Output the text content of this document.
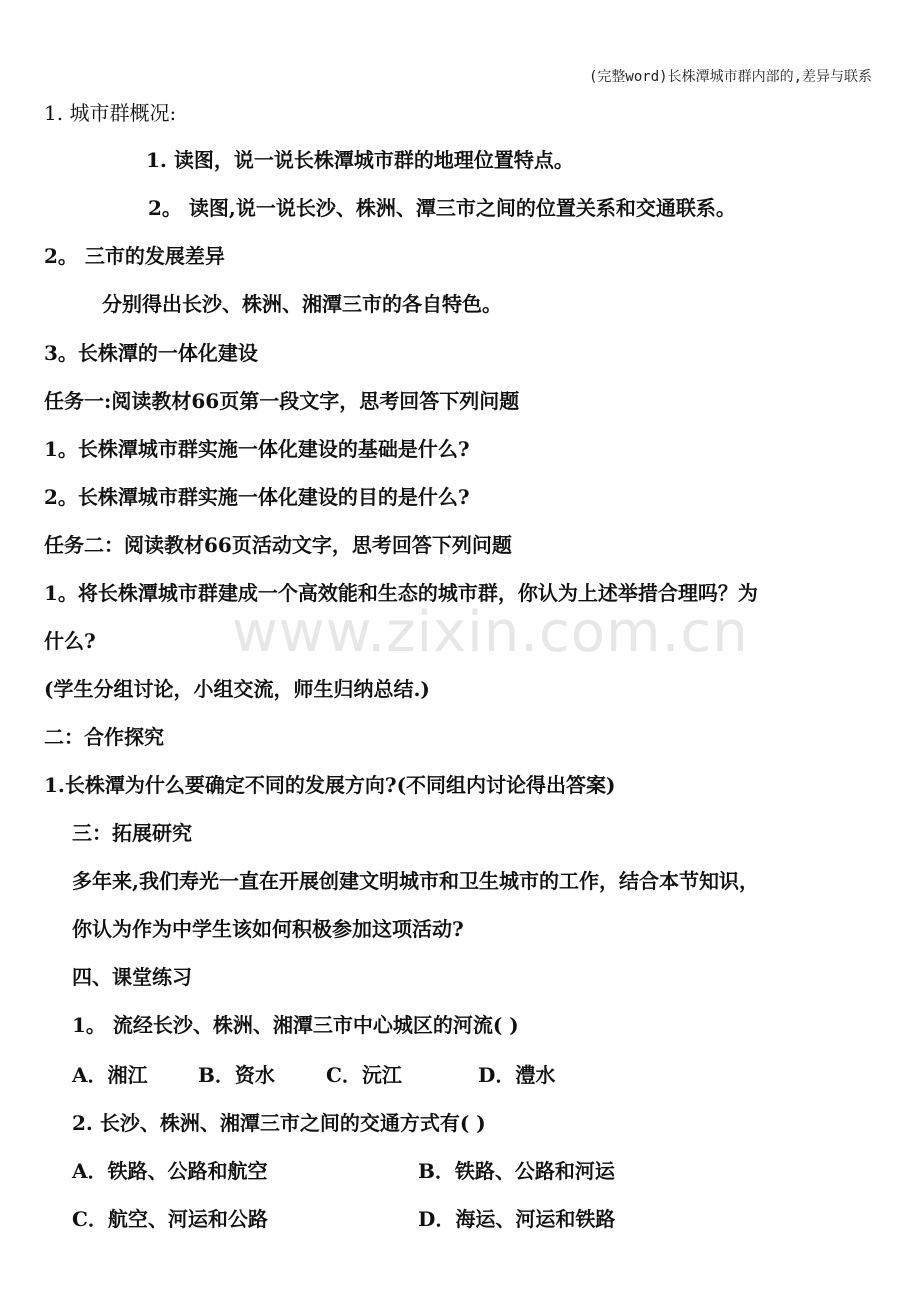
(完整word)长株潭城市群内部的,差异与联系
www.zixin.com.cn
1. 城市群概况:
1. 读图，说一说长株潭城市群的地理位置特点。
2。 读图,说一说长沙、株洲、潭三市之间的位置关系和交通联系。
2。 三市的发展差异
分别得出长沙、株洲、湘潭三市的各自特色。
3。长株潭的一体化建设
任务一:阅读教材66页第一段文字，思考回答下列问题
1。长株潭城市群实施一体化建设的基础是什么?
2。长株潭城市群实施一体化建设的目的是什么?
任务二：阅读教材66页活动文字，思考回答下列问题
1。将长株潭城市群建成一个高效能和生态的城市群，你认为上述举措合理吗？为
什么?
(学生分组讨论，小组交流，师生归纳总结.)
二：合作探究
1.长株潭为什么要确定不同的发展方向?(不同组内讨论得出答案)
三：拓展研究
多年来,我们寿光一直在开展创建文明城市和卫生城市的工作，结合本节知识，
你认为作为中学生该如何积极参加这项活动?
四、课堂练习
1。 流经长沙、株洲、湘潭三市中心城区的河流( )
A．湘江	B．资水	C．沅江	D．澧水
2. 长沙、株洲、湘潭三市之间的交通方式有( )
A．铁路、公路和航空	B．铁路、公路和河运
C．航空、河运和公路	D．海运、河运和铁路
